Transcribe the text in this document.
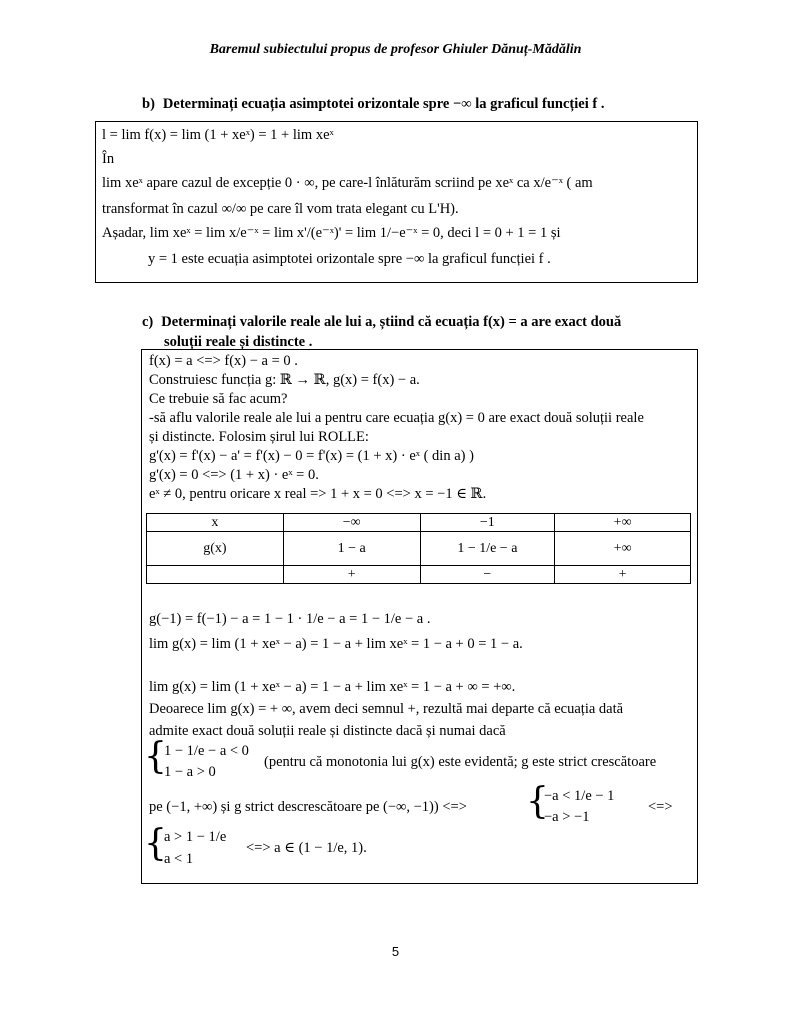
Baremul subiectului propus de profesor Ghiuler Dănuț-Mădălin
b) Determinați ecuația asimptotei orizontale spre −∞ la graficul funcției f .
l = lim f(x) = lim (1 + xeˣ) = 1 + lim xeˣ
În
lim xeˣ apare cazul de excepție 0 · ∞, pe care-l înlăturăm scriind pe xeˣ ca x/e⁻ˣ ( am
transformat în cazul ∞/∞ pe care îl vom trata elegant cu L'H).
Așadar, lim xeˣ = lim x/e⁻ˣ = lim x'/(e⁻ˣ)' = lim 1/−e⁻ˣ = 0, deci l = 0 + 1 = 1 și
y = 1 este ecuația asimptotei orizontale spre −∞ la graficul funcției f .
c) Determinați valorile reale ale lui a, știind că ecuația f(x) = a are exact două
soluții reale și distincte .
f(x) = a <=> f(x) − a = 0 .
Construiesc funcția g: ℝ → ℝ, g(x) = f(x) − a.
Ce trebuie să fac acum?
-să aflu valorile reale ale lui a pentru care ecuația g(x) = 0 are exact două soluții reale
și distincte. Folosim șirul lui ROLLE:
g'(x) = f'(x) − a' = f'(x) − 0 = f'(x) = (1 + x) · eˣ ( din a) )
g'(x) = 0 <=> (1 + x) · eˣ = 0.
eˣ ≠ 0, pentru oricare x real => 1 + x = 0 <=> x = −1 ∈ ℝ.
x	−∞	−1	+∞
g(x)	1 − a	1 − 1/e − a	+∞
	+	−	+
g(−1) = f(−1) − a = 1 − 1 · 1/e − a = 1 − 1/e − a .
lim g(x) = lim (1 + xeˣ − a) = 1 − a + lim xeˣ = 1 − a + 0 = 1 − a.
lim g(x) = lim (1 + xeˣ − a) = 1 − a + lim xeˣ = 1 − a + ∞ = +∞.
Deoarece lim g(x) = + ∞, avem deci semnul +, rezultă mai departe că ecuația dată
admite exact două soluții reale și distincte dacă și numai dacă
{
1 − 1/e − a < 0
1 − a > 0
(pentru că monotonia lui g(x) este evidentă; g este strict crescătoare
pe (−1, +∞) și g strict descrescătoare pe (−∞, −1)) <=> {
−a < 1/e − 1
−a > −1
<=>
{
a > 1 − 1/e
a < 1
<=> a ∈ (1 − 1/e, 1).
5
